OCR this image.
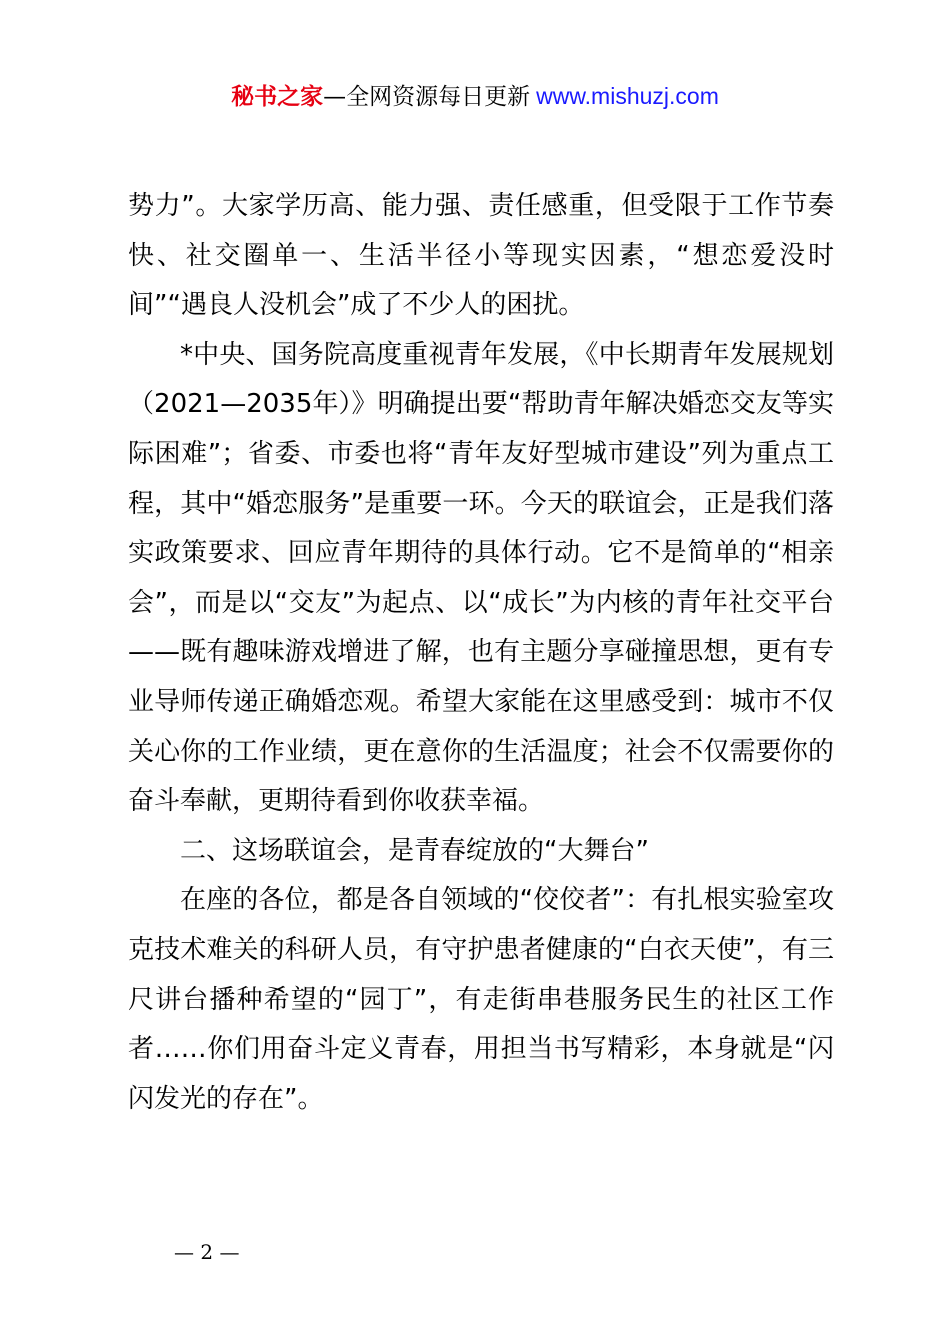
秘书之家—全网资源每日更新 www.mishuzj.com

势力”。大家学历高、能力强、责任感重，但受限于工作节奏快、社交圈单一、生活半径小等现实因素，“想恋爱没时间”“遇良人没机会”成了不少人的困扰。

*中央、国务院高度重视青年发展，《中长期青年发展规划（2021—2035年）》明确提出要“帮助青年解决婚恋交友等实际困难”；省委、市委也将“青年友好型城市建设”列为重点工程，其中“婚恋服务”是重要一环。今天的联谊会，正是我们落实政策要求、回应青年期待的具体行动。它不是简单的“相亲会”，而是以“交友”为起点、以“成长”为内核的青年社交平台——既有趣味游戏增进了解，也有主题分享碰撞思想，更有专业导师传递正确婚恋观。希望大家能在这里感受到：城市不仅关心你的工作业绩，更在意你的生活温度；社会不仅需要你的奋斗奉献，更期待看到你收获幸福。

二、这场联谊会，是青春绽放的“大舞台”

在座的各位，都是各自领域的“佼佼者”：有扎根实验室攻克技术难关的科研人员，有守护患者健康的“白衣天使”，有三尺讲台播种希望的“园丁”，有走街串巷服务民生的社区工作者……你们用奋斗定义青春，用担当书写精彩，本身就是“闪闪发光的存在”。

— 2 —
